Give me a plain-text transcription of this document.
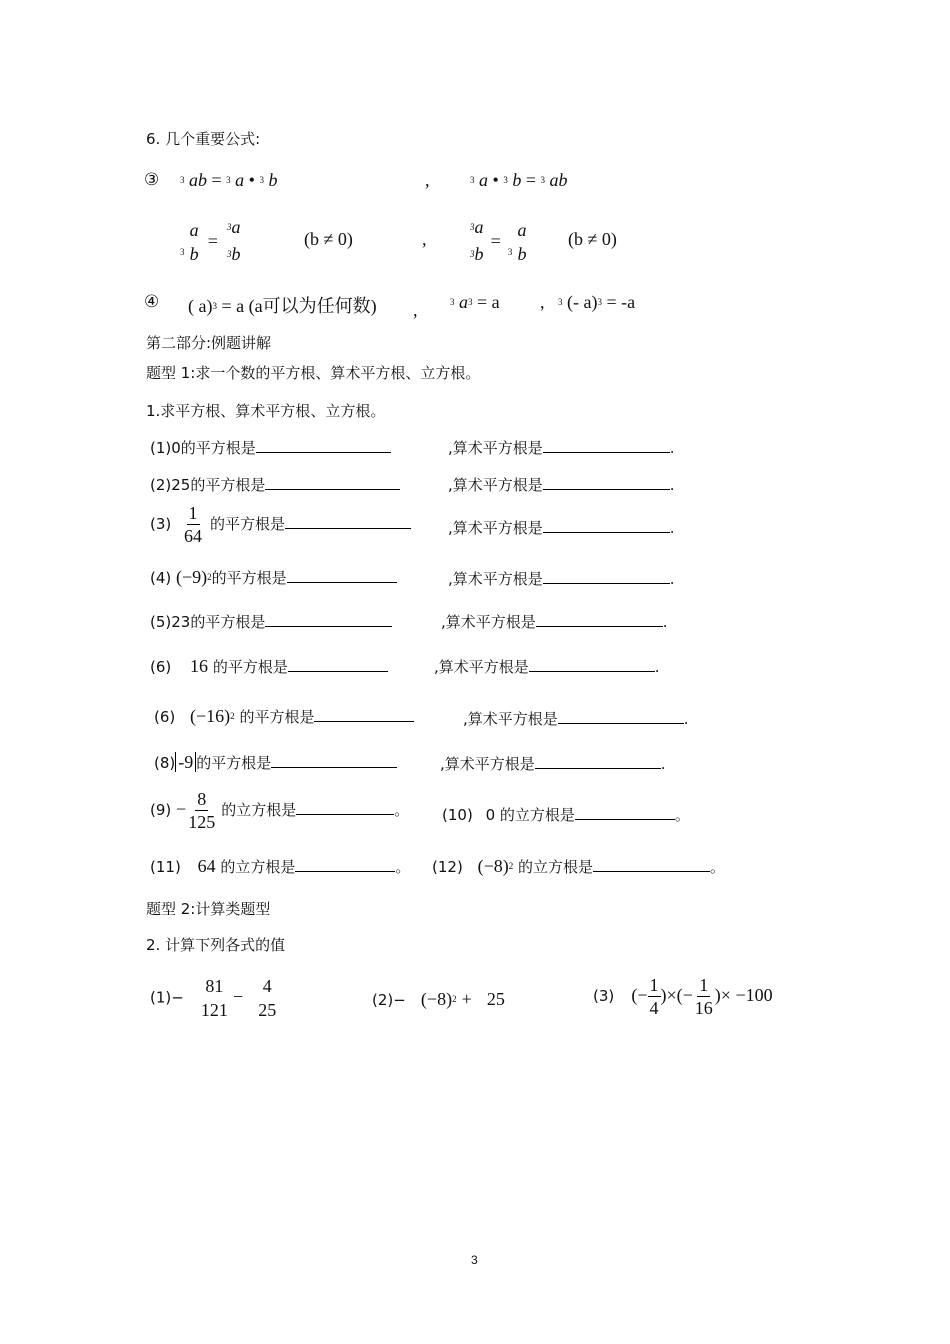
6. 几个重要公式:
③ 3 ab = 3 a • 3 b	,	3 a • 3 b = 3 ab
$_3$
a
b
=
3a
3b
(b ≠ 0)	,
3a
3b
= $_3$
a
b
(b ≠ 0)
④ ( a)3 = a (a可以为任何数) ,	3 a3 = a , 3 (- a)3 = -a
第二部分:例题讲解
题型 1:求一个数的平方根、算术平方根、立方根。
1.求平方根、算术平方根、立方根。
(1)0的平方根是	,算术平方根是	.
(2)25的平方根是	,算术平方根是	.
$(3) \frac{1}{64}$ 的平方根是	,算术平方根是	.
(4) $(-9)^2$的平方根是	,算术平方根是	.
(5)23的平方根是	,算术平方根是	.
(6) 16 的平方根是	,算术平方根是	.
(6) $(-16)^2$ 的平方根是	,算术平方根是	.
(8) -9 的平方根是	,算术平方根是	.
$(9) - \frac{8}{125}$ 的立方根是	。 (10) 0 的立方根是	。
(11) 64 的立方根是	。 (12) $(-8)^2$ 的立方根是	。
题型 2:计算类题型
2. 计算下列各式的值
(1)−
81
121
−
4
25	(2)− (−8)2 + 25	(3) (− $\frac{1}{4}$ )×(− $\frac{1}{16}$ )× −100
3
